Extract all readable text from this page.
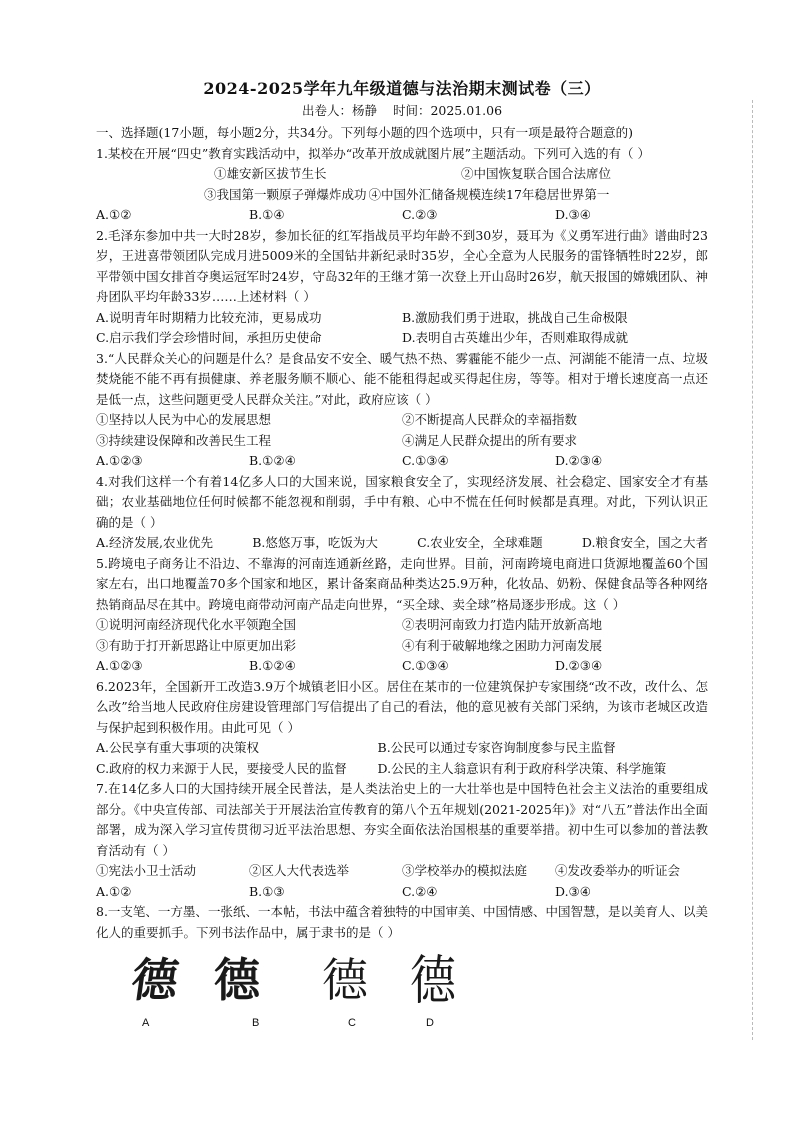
2024-2025学年九年级道德与法治期末测试卷（三）
出卷人：杨静 时间：2025.01.06

一、选择题(17小题，每小题2分，共34分。下列每小题的四个选项中，只有一项是最符合题意的)

1.某校在开展“四史”教育实践活动中，拟举办“改革开放成就图片展”主题活动。下列可入选的有（ ）

①雄安新区拔节生长	②中国恢复联合国合法席位
③我国第一颗原子弹爆炸成功 ④中国外汇储备规模连续17年稳居世界第一
A.①②	B.①④	C.②③	D.③④

2.毛泽东参加中共一大时28岁，参加长征的红军指战员平均年龄不到30岁，聂耳为《义勇军进行曲》谱曲时23岁，王进喜带领团队完成月进5009米的全国钻井新纪录时35岁，全心全意为人民服务的雷锋牺牲时22岁，郎平带领中国女排首夺奥运冠军时24岁，守岛32年的王继才第一次登上开山岛时26岁，航天报国的嫦娥团队、神舟团队平均年龄33岁……上述材料（ ）

A.说明青年时期精力比较充沛，更易成功	B.激励我们勇于进取，挑战自己生命极限
C.启示我们学会珍惜时间，承担历史使命	D.表明自古英雄出少年，否则难取得成就

3.“人民群众关心的问题是什么？是食品安不安全、暖气热不热、雾霾能不能少一点、河湖能不能清一点、垃圾焚烧能不能不再有损健康、养老服务顺不顺心、能不能租得起或买得起住房，等等。相对于增长速度高一点还是低一点，这些问题更受人民群众关注。”对此，政府应该（ ）

①坚持以人民为中心的发展思想	②不断提高人民群众的幸福指数
③持续建设保障和改善民生工程	④满足人民群众提出的所有要求
A.①②③	B.①②④	C.①③④	D.②③④

4.对我们这样一个有着14亿多人口的大国来说，国家粮食安全了，实现经济发展、社会稳定、国家安全才有基础；农业基础地位任何时候都不能忽视和削弱，手中有粮、心中不慌在任何时候都是真理。对此，下列认识正确的是（ ）

A.经济发展,农业优先	B.悠悠万事，吃饭为大	C.农业安全，全球难题	D.粮食安全，国之大者

5.跨境电子商务让不沿边、不靠海的河南连通新丝路，走向世界。目前，河南跨境电商进口货源地覆盖60个国家左右，出口地覆盖70多个国家和地区，累计备案商品种类达25.9万种，化妆品、奶粉、保健食品等各种网络热销商品尽在其中。跨境电商带动河南产品走向世界，“买全球、卖全球”格局逐步形成。这（ ）

①说明河南经济现代化水平领跑全国	②表明河南致力打造内陆开放新高地
③有助于打开新思路让中原更加出彩	④有利于破解地缘之困助力河南发展
A.①②③	B.①②④	C.①③④	D.②③④

6.2023年，全国新开工改造3.9万个城镇老旧小区。居住在某市的一位建筑保护专家围绕“改不改，改什么、怎么改”给当地人民政府住房建设管理部门写信提出了自己的看法，他的意见被有关部门采纳，为该市老城区改造与保护起到积极作用。由此可见（ ）

A.公民享有重大事项的决策权	B.公民可以通过专家咨询制度参与民主监督
C.政府的权力来源于人民，要接受人民的监督	D.公民的主人翁意识有利于政府科学决策、科学施策

7.在14亿多人口的大国持续开展全民普法，是人类法治史上的一大壮举也是中国特色社会主义法治的重要组成部分。《中央宣传部、司法部关于开展法治宣传教育的第八个五年规划(2021-2025年)》对“八五”普法作出全面部署，成为深入学习宣传贯彻习近平法治思想、夯实全面依法治国根基的重要举措。初中生可以参加的普法教育活动有（ ）

①宪法小卫士活动	②区人大代表选举	③学校举办的模拟法庭	④发改委举办的听证会
A.①②	B.①③	C.②④	D.③④

8.一支笔、一方墨、一张纸、一本帖，书法中蕴含着独特的中国审美、中国情感、中国智慧，是以美育人、以美化人的重要抓手。下列书法作品中，属于隶书的是（ ）

德 德 德 德
A	B	C	D
